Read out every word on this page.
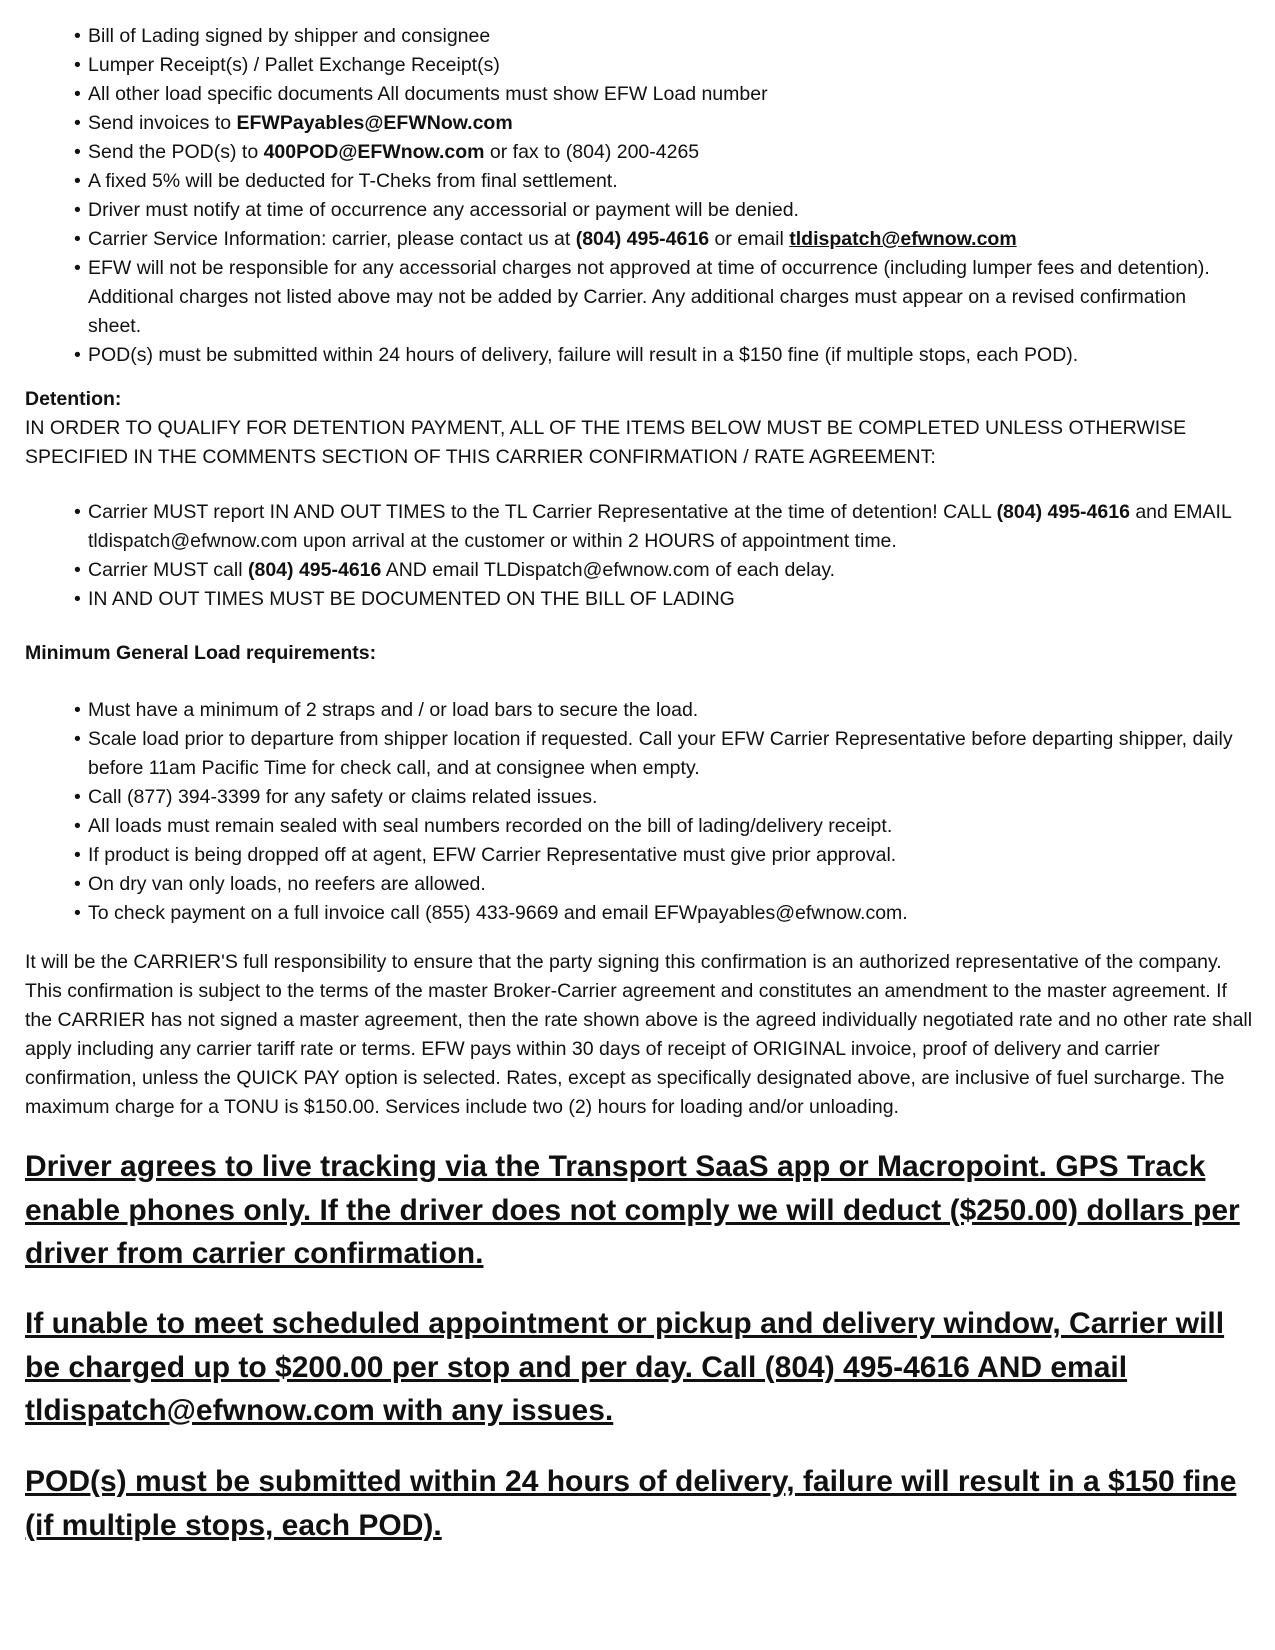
• Bill of Lading signed by shipper and consignee
• Lumper Receipt(s) / Pallet Exchange Receipt(s)
• All other load specific documents All documents must show EFW Load number
• Send invoices to EFWPayables@EFWNow.com
• Send the POD(s) to 400POD@EFWnow.com or fax to (804) 200-4265
• A fixed 5% will be deducted for T-Cheks from final settlement.
• Driver must notify at time of occurrence any accessorial or payment will be denied.
• Carrier Service Information: carrier, please contact us at (804) 495-4616 or email tldispatch@efwnow.com
• EFW will not be responsible for any accessorial charges not approved at time of occurrence (including lumper fees and detention). Additional charges not listed above may not be added by Carrier. Any additional charges must appear on a revised confirmation sheet.
• POD(s) must be submitted within 24 hours of delivery, failure will result in a $150 fine (if multiple stops, each POD).
Detention:
IN ORDER TO QUALIFY FOR DETENTION PAYMENT, ALL OF THE ITEMS BELOW MUST BE COMPLETED UNLESS OTHERWISE SPECIFIED IN THE COMMENTS SECTION OF THIS CARRIER CONFIRMATION / RATE AGREEMENT:
• Carrier MUST report IN AND OUT TIMES to the TL Carrier Representative at the time of detention! CALL (804) 495-4616 and EMAIL tldispatch@efwnow.com upon arrival at the customer or within 2 HOURS of appointment time.
• Carrier MUST call (804) 495-4616 AND email TLDispatch@efwnow.com of each delay.
• IN AND OUT TIMES MUST BE DOCUMENTED ON THE BILL OF LADING
Minimum General Load requirements:
• Must have a minimum of 2 straps and / or load bars to secure the load.
• Scale load prior to departure from shipper location if requested. Call your EFW Carrier Representative before departing shipper, daily before 11am Pacific Time for check call, and at consignee when empty.
• Call (877) 394-3399 for any safety or claims related issues.
• All loads must remain sealed with seal numbers recorded on the bill of lading/delivery receipt.
• If product is being dropped off at agent, EFW Carrier Representative must give prior approval.
• On dry van only loads, no reefers are allowed.
• To check payment on a full invoice call (855) 433-9669 and email EFWpayables@efwnow.com.
It will be the CARRIER'S full responsibility to ensure that the party signing this confirmation is an authorized representative of the company. This confirmation is subject to the terms of the master Broker-Carrier agreement and constitutes an amendment to the master agreement. If the CARRIER has not signed a master agreement, then the rate shown above is the agreed individually negotiated rate and no other rate shall apply including any carrier tariff rate or terms. EFW pays within 30 days of receipt of ORIGINAL invoice, proof of delivery and carrier confirmation, unless the QUICK PAY option is selected. Rates, except as specifically designated above, are inclusive of fuel surcharge. The maximum charge for a TONU is $150.00. Services include two (2) hours for loading and/or unloading.
Driver agrees to live tracking via the Transport SaaS app or Macropoint. GPS Track enable phones only. If the driver does not comply we will deduct ($250.00) dollars per driver from carrier confirmation.
If unable to meet scheduled appointment or pickup and delivery window, Carrier will be charged up to $200.00 per stop and per day. Call (804) 495-4616 AND email tldispatch@efwnow.com with any issues.
POD(s) must be submitted within 24 hours of delivery, failure will result in a $150 fine (if multiple stops, each POD).
